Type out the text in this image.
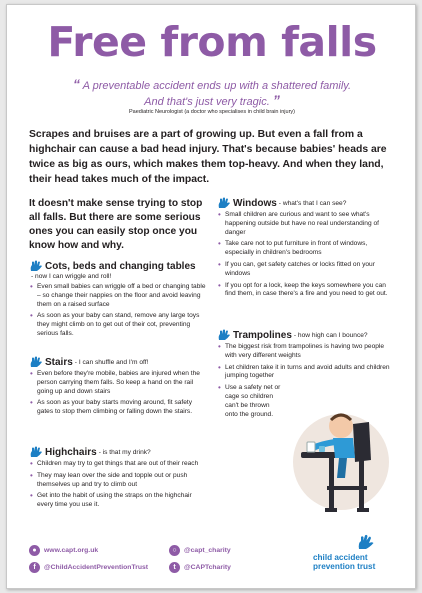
Free from falls
“ A preventable accident ends up with a shattered family.
And that's just very tragic. ”
Paediatric Neurologist (a doctor who specialises in child brain injury)

Scrapes and bruises are a part of growing up. But even a fall from a highchair can cause a bad head injury. That's because babies' heads are twice as big as ours, which makes them top-heavy. And when they land, their head takes much of the impact.

It doesn't make sense trying to stop all falls. But there are some serious ones you can easily stop once you know how and why.

Cots, beds and changing tables
- now I can wriggle and roll!
• Even small babies can wriggle off a bed or changing table – so change their nappies on the floor and avoid leaving them on a raised surface
• As soon as your baby can stand, remove any large toys they might climb on to get out of their cot, preventing serious falls.
Stairs - I can shuffle and I'm off!
• Even before they're mobile, babies are injured when the person carrying them falls. So keep a hand on the rail going up and down stairs
• As soon as your baby starts moving around, fit safety gates to stop them climbing or falling down the stairs.
Highchairs - is that my drink?
• Children may try to get things that are out of their reach
• They may lean over the side and topple out or push themselves up and try to climb out
• Get into the habit of using the straps on the highchair every time you use it.
Windows - what's that I can see?
• Small children are curious and want to see what's happening outside but have no real understanding of danger
• Take care not to put furniture in front of windows, especially in children's bedrooms
• If you can, get safety catches or locks fitted on your windows
• If you opt for a lock, keep the keys somewhere you can find them, in case there's a fire and you need to get out.
Trampolines - how high can I bounce?
• The biggest risk from trampolines is having two people with very different weights
• Let children take it in turns and avoid adults and children jumping together
• Use a safety net or cage so children can't be thrown onto the ground.
●	www.capt.org.uk
f	@ChildAccidentPreventionTrust
○	@capt_charity
t	@CAPTcharity
child accident
prevention trust
